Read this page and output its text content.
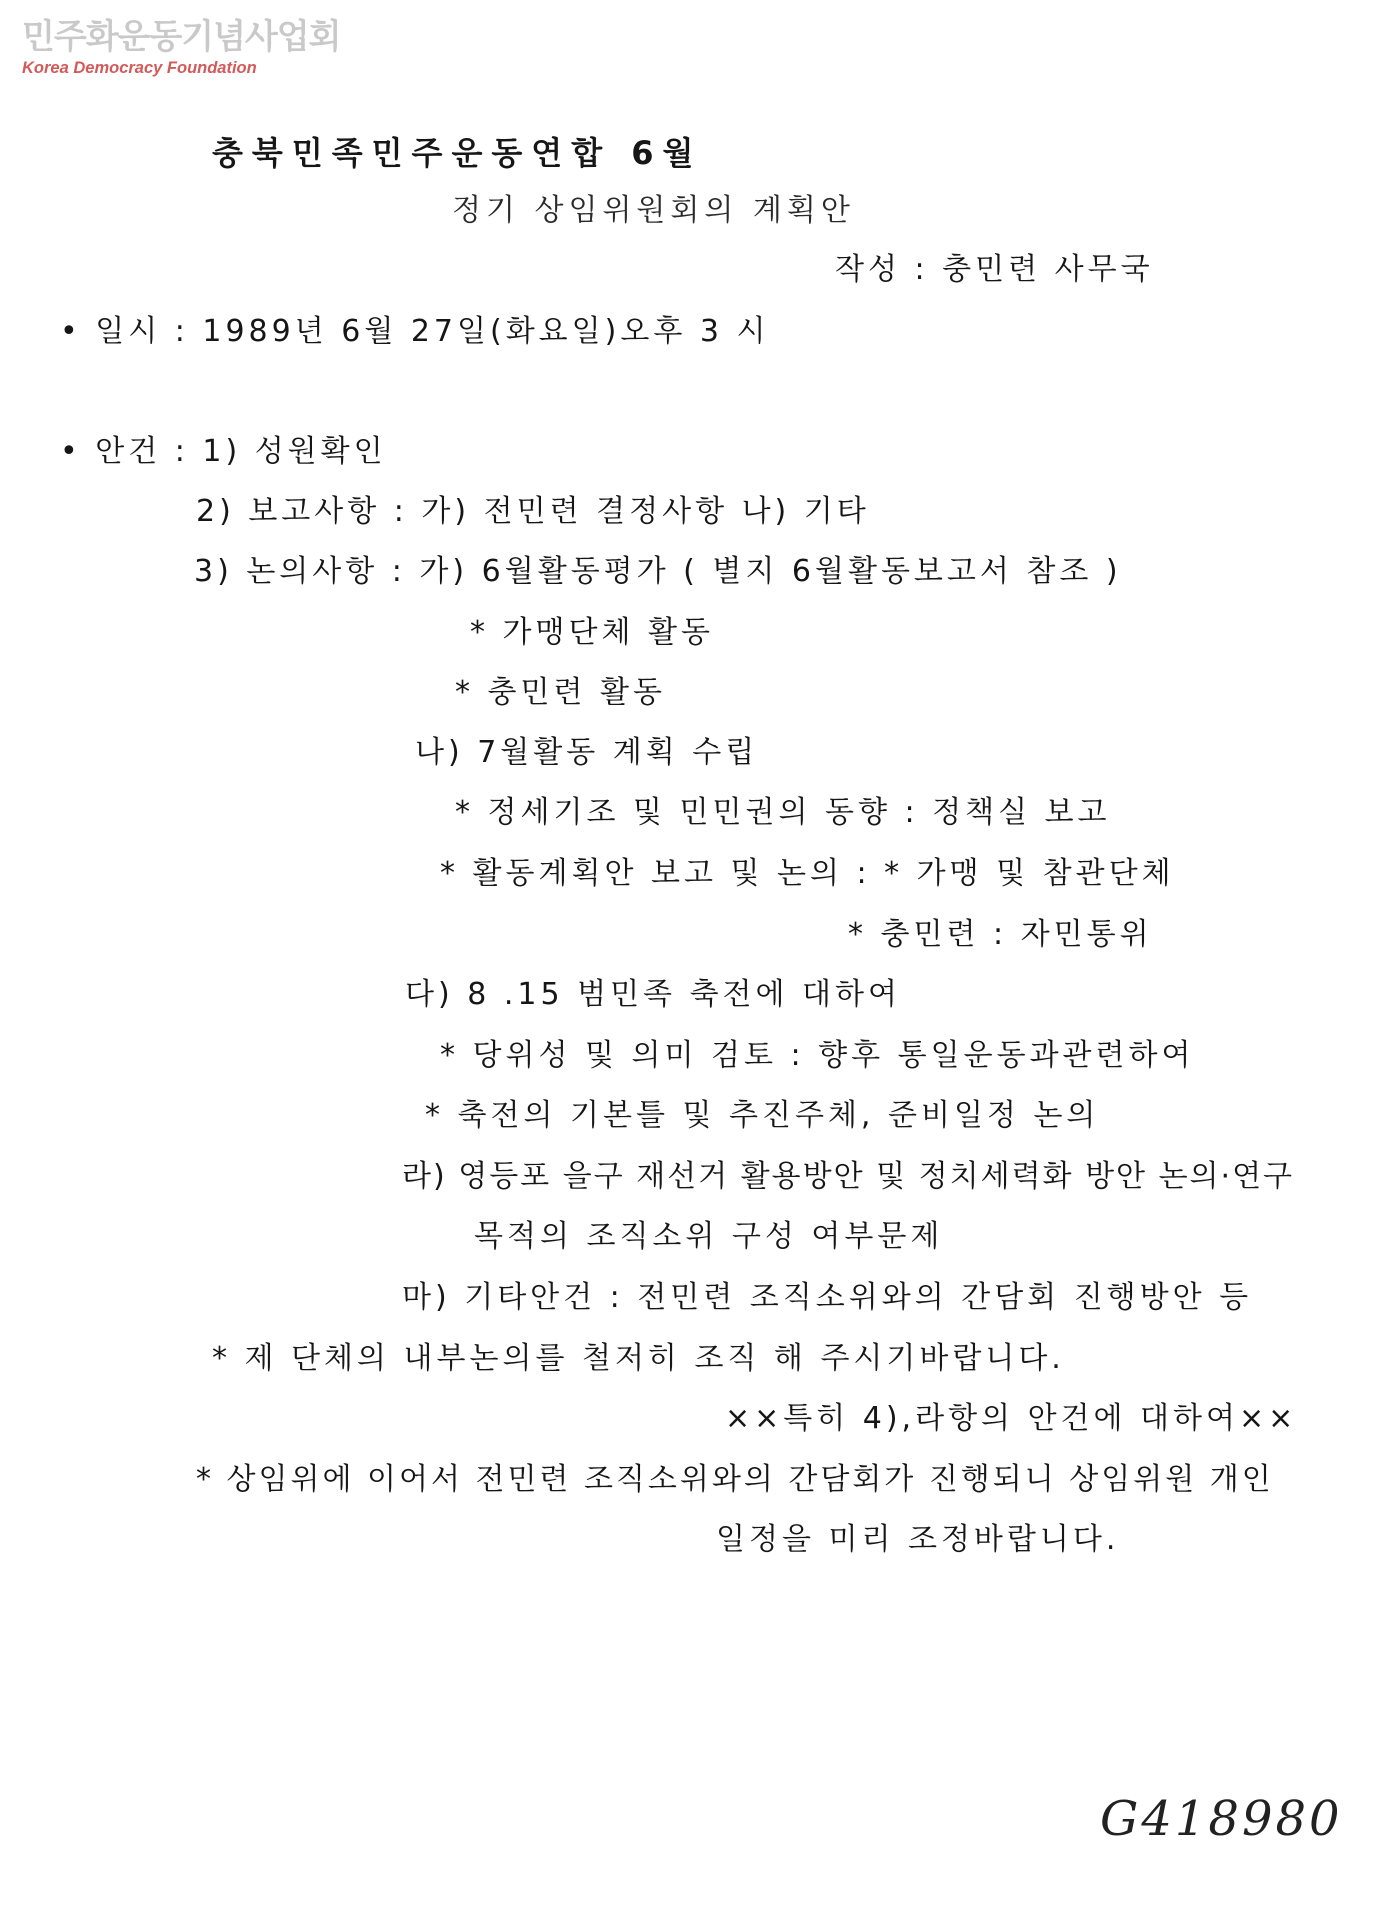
민주화운동기념사업회
Korea Democracy Foundation
충북민족민주운동연합 6월
정기 상임위원회의 계획안
작성 : 충민련 사무국
• 일시 : 1989년 6월 27일(화요일)오후 3 시
• 안건 : 1) 성원확인
2) 보고사항 : 가) 전민련 결정사항 나) 기타
3) 논의사항 : 가) 6월활동평가 ( 별지 6월활동보고서 참조 )
* 가맹단체 활동
* 충민련 활동
나) 7월활동 계획 수립
* 정세기조 및 민민권의 동향 : 정책실 보고
* 활동계획안 보고 및 논의 : * 가맹 및 참관단체
* 충민련 : 자민통위
다) 8 .15 범민족 축전에 대하여
* 당위성 및 의미 검토 : 향후 통일운동과관련하여
* 축전의 기본틀 및 추진주체, 준비일정 논의
라) 영등포 을구 재선거 활용방안 및 정치세력화 방안 논의·연구
목적의 조직소위 구성 여부문제
마) 기타안건 : 전민련 조직소위와의 간담회 진행방안 등
* 제 단체의 내부논의를 철저히 조직 해 주시기바랍니다.
××특히 4),라항의 안건에 대하여××
* 상임위에 이어서 전민련 조직소위와의 간담회가 진행되니 상임위원 개인
일정을 미리 조정바랍니다.
G418980
